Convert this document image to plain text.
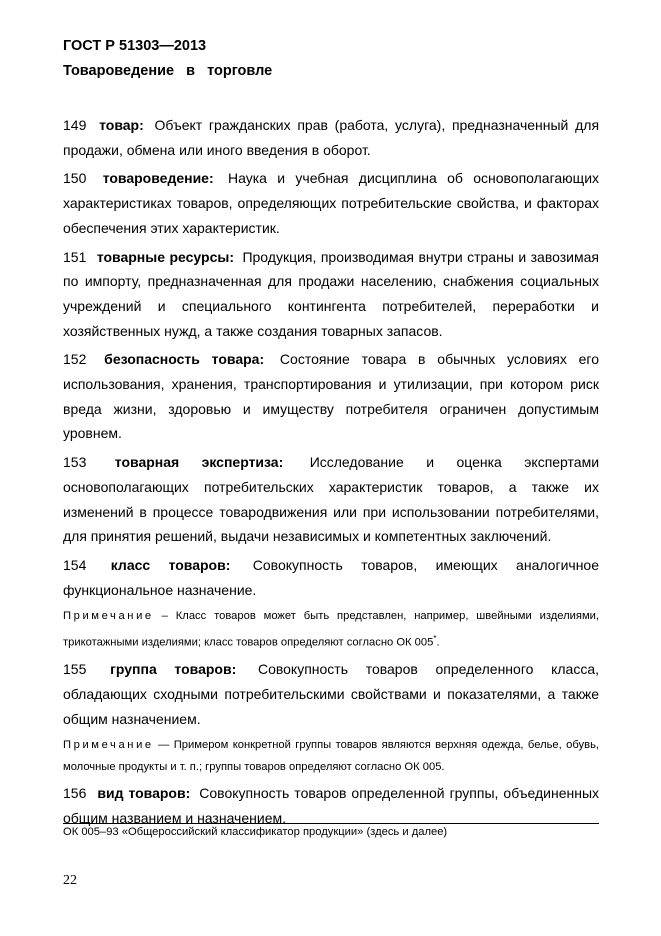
ГОСТ Р 51303—2013
Товароведение в торговле

149 товар: Объект гражданских прав (работа, услуга), предназначенный для продажи, обмена или иного введения в оборот.

150 товароведение: Наука и учебная дисциплина об основополагающих характеристиках товаров, определяющих потребительские свойства, и факторах обеспечения этих характеристик.

151 товарные ресурсы: Продукция, производимая внутри страны и завозимая по импорту, предназначенная для продажи населению, снабжения социальных учреждений и специального контингента потребителей, переработки и хозяйственных нужд, а также создания товарных запасов.

152 безопасность товара: Состояние товара в обычных условиях его использования, хранения, транспортирования и утилизации, при котором риск вреда жизни, здоровью и имуществу потребителя ограничен допустимым уровнем.

153 товарная экспертиза: Исследование и оценка экспертами основополагающих потребительских характеристик товаров, а также их изменений в процессе товародвижения или при использовании потребителями, для принятия решений, выдачи независимых и компетентных заключений.

154 класс товаров: Совокупность товаров, имеющих аналогичное функциональное назначение.

Примечание – Класс товаров может быть представлен, например, швейными изделиями, трикотажными изделиями; класс товаров определяют согласно ОК 005*.

155 группа товаров: Совокупность товаров определенного класса, обладающих сходными потребительскими свойствами и показателями, а также общим назначением.

Примечание — Примером конкретной группы товаров являются верхняя одежда, белье, обувь, молочные продукты и т. п.; группы товаров определяют согласно ОК 005.

156 вид товаров: Совокупность товаров определенной группы, объединенных общим названием и назначением.

ОК 005–93 «Общероссийский классификатор продукции» (здесь и далее)
22
